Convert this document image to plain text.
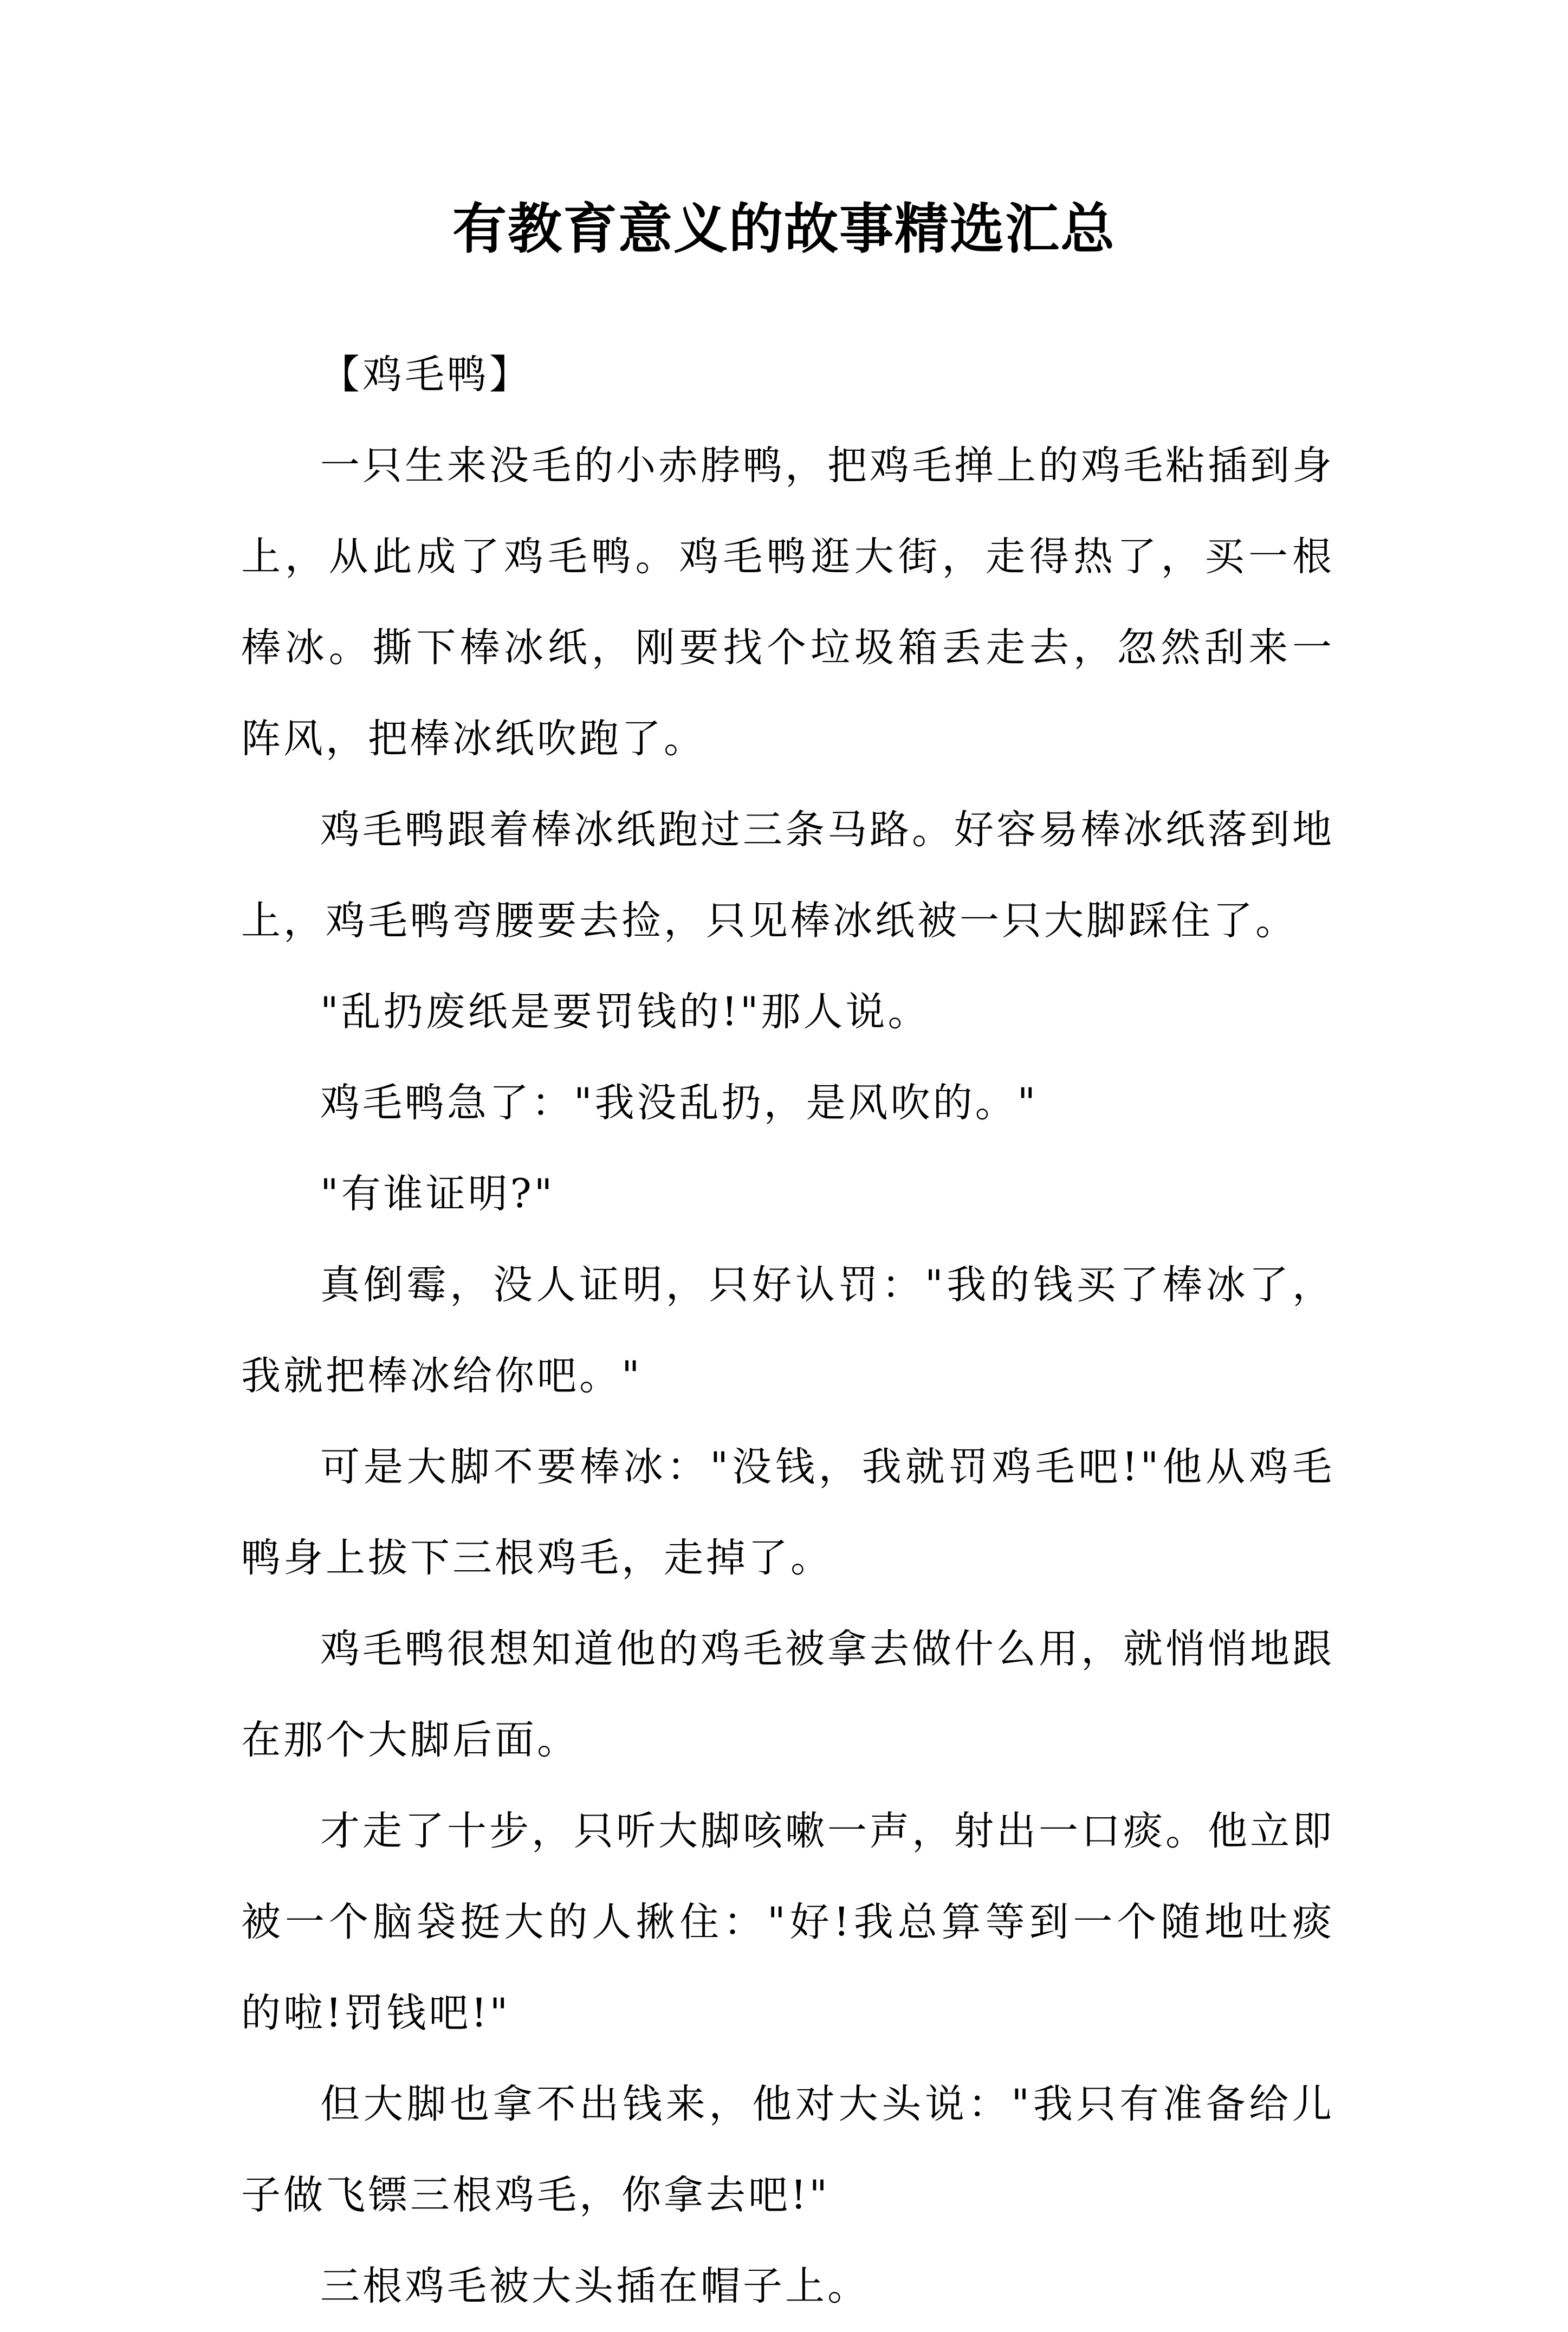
有教育意义的故事精选汇总

【鸡毛鸭】

一只生来没毛的小赤脖鸭，把鸡毛掸上的鸡毛粘插到身上，从此成了鸡毛鸭。鸡毛鸭逛大街，走得热了，买一根棒冰。撕下棒冰纸，刚要找个垃圾箱丢走去，忽然刮来一阵风，把棒冰纸吹跑了。

鸡毛鸭跟着棒冰纸跑过三条马路。好容易棒冰纸落到地上，鸡毛鸭弯腰要去捡，只见棒冰纸被一只大脚踩住了。

"乱扔废纸是要罚钱的!"那人说。

鸡毛鸭急了："我没乱扔，是风吹的。"

"有谁证明?"

真倒霉，没人证明，只好认罚："我的钱买了棒冰了，我就把棒冰给你吧。"

可是大脚不要棒冰："没钱，我就罚鸡毛吧!"他从鸡毛鸭身上拔下三根鸡毛，走掉了。

鸡毛鸭很想知道他的鸡毛被拿去做什么用，就悄悄地跟在那个大脚后面。

才走了十步，只听大脚咳嗽一声，射出一口痰。他立即被一个脑袋挺大的人揪住："好!我总算等到一个随地吐痰的啦!罚钱吧!"

但大脚也拿不出钱来，他对大头说："我只有准备给儿子做飞镖三根鸡毛，你拿去吧!"

三根鸡毛被大头插在帽子上。
